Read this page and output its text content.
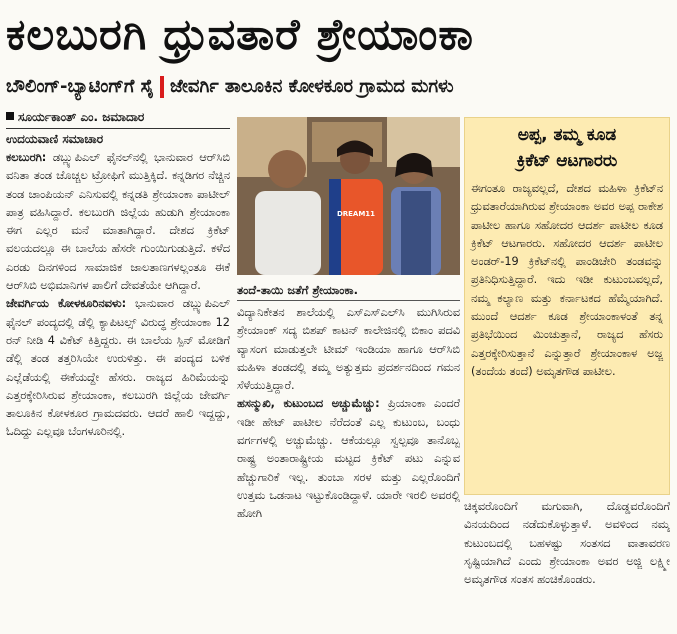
ಕಲಬುರಗಿ ಧ್ರುವತಾರೆ ಶ್ರೇಯಾಂಕಾ
ಬೌಲಿಂಗ್-ಬ್ಯಾಟಿಂಗ್‌ಗೆ ಸೈ ಜೇವರ್ಗಿ ತಾಲೂಕಿನ ಕೋಳಕೂರ ಗ್ರಾಮದ ಮಗಳು
ಸೂರ್ಯಕಾಂತ್ ಎಂ. ಜಮಾದಾರ
ಉದಯವಾಣಿ ಸಮಾಚಾರ

ಕಲಬುರಗಿ: ಡಬ್ಲ್ಯುಪಿಎಲ್ ಫೈನಲ್‌ನಲ್ಲಿ ಭಾನುವಾರ ಆರ್‌ಸಿಬಿ ವನಿತಾ ತಂಡ ಚೊಚ್ಚಲ ಟ್ರೋಫಿಗೆ ಮುತ್ತಿಕ್ಕಿದೆ. ಕನ್ನಡಿಗರ ನೆಚ್ಚಿನ ತಂಡ ಚಾಂಪಿಯನ್ ಎನಿಸುವಲ್ಲಿ ಕನ್ನಡತಿ ಶ್ರೇಯಾಂಕಾ ಪಾಟೀಲ್ ಪಾತ್ರ ವಹಿಸಿದ್ದಾರೆ. ಕಲಬುರಗಿ ಜಿಲ್ಲೆಯ ಹುಡುಗಿ ಶ್ರೇಯಾಂಕಾ ಈಗ ಎಲ್ಲರ ಮನೆ ಮಾತಾಗಿದ್ದಾರೆ. ದೇಶದ ಕ್ರಿಕೆಟ್ ವಲಯದಲ್ಲೂ ಈ ಬಾಲೆಯ ಹೆಸರೇ ಗುಂಯಿಗುಡುತ್ತಿದೆ. ಕಳೆದ ಎರಡು ದಿನಗಳಿಂದ ಸಾಮಾಜಿಕ ಜಾಲತಾಣಗಳಲ್ಲಂತೂ ಈಕೆ ಆರ್‌ಸಿಬಿ ಅಭಿಮಾನಿಗಳ ಪಾಲಿಗೆ ದೇವತೆಯೇ ಆಗಿದ್ದಾರೆ.

ಜೇವರ್ಗಿಯ ಕೋಳಕೂರಿನವಳು: ಭಾನುವಾರ ಡಬ್ಲ್ಯುಪಿಎಲ್ ಫೈನಲ್ ಪಂದ್ಯದಲ್ಲಿ ಡೆಲ್ಲಿ ಕ್ಯಾಪಿಟಲ್ಸ್ ವಿರುದ್ಧ ಶ್ರೇಯಾಂಕಾ 12 ರನ್ ನೀಡಿ 4 ವಿಕೆಟ್ ಕಿತ್ತಿದ್ದರು. ಈ ಬಾಲೆಯ ಸ್ಪಿನ್ ಮೋಡಿಗೆ ಡೆಲ್ಲಿ ತಂಡ ತತ್ತರಿಸಿಯೇ ಉರುಳಿತ್ತು. ಈ ಪಂದ್ಯದ ಬಳಿಕ ಎಲ್ಲೆಡೆಯಲ್ಲಿ ಈಕೆಯದ್ದೇ ಹೆಸರು. ರಾಜ್ಯದ ಹಿರಿಮೆಯನ್ನು ಎತ್ತರಕ್ಕೇರಿಸಿರುವ ಶ್ರೇಯಾಂಕಾ, ಕಲಬುರಗಿ ಜಿಲ್ಲೆಯ ಜೇವರ್ಗಿ ತಾಲೂಕಿನ ಕೋಳಕೂರ ಗ್ರಾಮದವರು. ಆದರೆ ಹಾಲಿ ಇದ್ದದ್ದು, ಓದಿದ್ದು ಎಲ್ಲವೂ ಬೆಂಗಳೂರಿನಲ್ಲಿ.

DREAM11
ತಂದೆ-ತಾಯಿ ಜತೆಗೆ ಶ್ರೇಯಾಂಕಾ.

ವಿದ್ಯಾನಿಕೇತನ ಶಾಲೆಯಲ್ಲಿ ಎಸ್‌ಎಸ್‌ಎಲ್‌ಸಿ ಮುಗಿಸಿರುವ ಶ್ರೇಯಾಂಕ್ ಸದ್ಯ ಬಿಶಪ್ ಕಾಟನ್ ಕಾಲೇಜಿನಲ್ಲಿ ಬಿಕಾಂ ಪದವಿ ವ್ಯಾಸಂಗ ಮಾಡುತ್ತಲೇ ಟೀಮ್ ಇಂಡಿಯಾ ಹಾಗೂ ಆರ್‌ಸಿಬಿ ಮಹಿಳಾ ತಂಡದಲ್ಲಿ ತಮ್ಮ ಅತ್ಯುತ್ತಮ ಪ್ರದರ್ಶನದಿಂದ ಗಮನ ಸೆಳೆಯುತ್ತಿದ್ದಾರೆ.

ಹಸನ್ಮುಖಿ, ಕುಟುಂಬದ ಅಚ್ಚುಮೆಚ್ಚು: ಪ್ರಿಯಾಂಕಾ ಎಂದರೆ ಇಡೀ ಹೇಟ್ ಪಾಟೀಲ ನೆರೆದಂತೆ ಎಲ್ಲ ಕುಟುಂಬ, ಬಂಧು ವರ್ಗಗಳಲ್ಲಿ ಅಚ್ಚುಮೆಚ್ಚು. ಆಕೆಯಲ್ಲೂ ಸ್ವಲ್ಪವೂ ತಾನೊಬ್ಬ ರಾಷ್ಟ್ರ ಅಂತಾರಾಷ್ಟ್ರೀಯ ಮಟ್ಟದ ಕ್ರಿಕೆಟ್ ಪಟು ಎನ್ನುವ ಹೆಚ್ಚುಗಾರಿಕೆ ಇಲ್ಲ. ತುಂಬಾ ಸರಳ ಮತ್ತು ಎಲ್ಲರೊಂದಿಗೆ ಉತ್ತಮ ಒಡನಾಟ ಇಟ್ಟುಕೊಂಡಿದ್ದಾಳೆ. ಯಾರೇ ಇರಲಿ ಅವರಲ್ಲಿ ಹೋಗಿ

ಅಪ್ಪ, ತಮ್ಮ ಕೂಡ
ಕ್ರಿಕೆಟ್ ಆಟಗಾರರು
ಈಗಂತೂ ರಾಜ್ಯವಲ್ಲದೆ, ದೇಶದ ಮಹಿಳಾ ಕ್ರಿಕೆಟ್‌ನ ಧ್ರುವತಾರೆಯಾಗಿರುವ ಶ್ರೇಯಾಂಕಾ ಅವರ ಅಪ್ಪ ರಾಕೇಶ ಪಾಟೀಲ ಹಾಗೂ ಸಹೋದರ ಆದರ್ಶ ಪಾಟೀಲ ಕೂಡ ಕ್ರಿಕೆಟ್ ಆಟಗಾರರು. ಸಹೋದರ ಆದರ್ಶ ಪಾಟೀಲ ಅಂಡರ್-19 ಕ್ರಿಕೆಟ್‌ನಲ್ಲಿ ಪಾಂಡಿಚೇರಿ ತಂಡವನ್ನು ಪ್ರತಿನಿಧಿಸುತ್ತಿದ್ದಾರೆ. ಇದು ಇಡೀ ಕುಟುಂಬವಲ್ಲದೆ, ನಮ್ಮ ಕಲ್ಯಾಣ ಮತ್ತು ಕರ್ನಾಟಕದ ಹೆಮ್ಮೆಯಾಗಿದೆ. ಮುಂದೆ ಆದರ್ಶ ಕೂಡ ಶ್ರೇಯಾಂಕಾಳಂತೆ ತನ್ನ ಪ್ರತಿಭೆಯಿಂದ ಮಿಂಚುತ್ತಾನೆ, ರಾಜ್ಯದ ಹೆಸರು ಎತ್ತರಕ್ಕೇರಿಸುತ್ತಾನೆ ಎನ್ನುತ್ತಾರೆ ಶ್ರೇಯಾಂಕಾಳ ಅಜ್ಜ (ತಂದೆಯ ತಂದೆ) ಅಮೃತಗೌಡ ಪಾಟೀಲ.
ಚಿಕ್ಕವರೊಂದಿಗೆ ಮಗುವಾಗಿ, ದೊಡ್ಡವರೊಂದಿಗೆ ವಿನಯದಿಂದ ನಡೆದುಕೊಳ್ಳುತ್ತಾಳೆ. ಅವಳಿಂದ ನಮ್ಮ ಕುಟುಂಬದಲ್ಲಿ ಬಹಳಷ್ಟು ಸಂತಸದ ವಾತಾವರಣ ಸೃಷ್ಟಿಯಾಗಿದೆ ಎಂದು ಶ್ರೇಯಾಂಕಾ ಅವರ ಅಜ್ಜಿ ಲಕ್ಷ್ಮೀ ಅಮೃತಗೌಡ ಸಂತಸ ಹಂಚಿಕೊಂಡರು.
